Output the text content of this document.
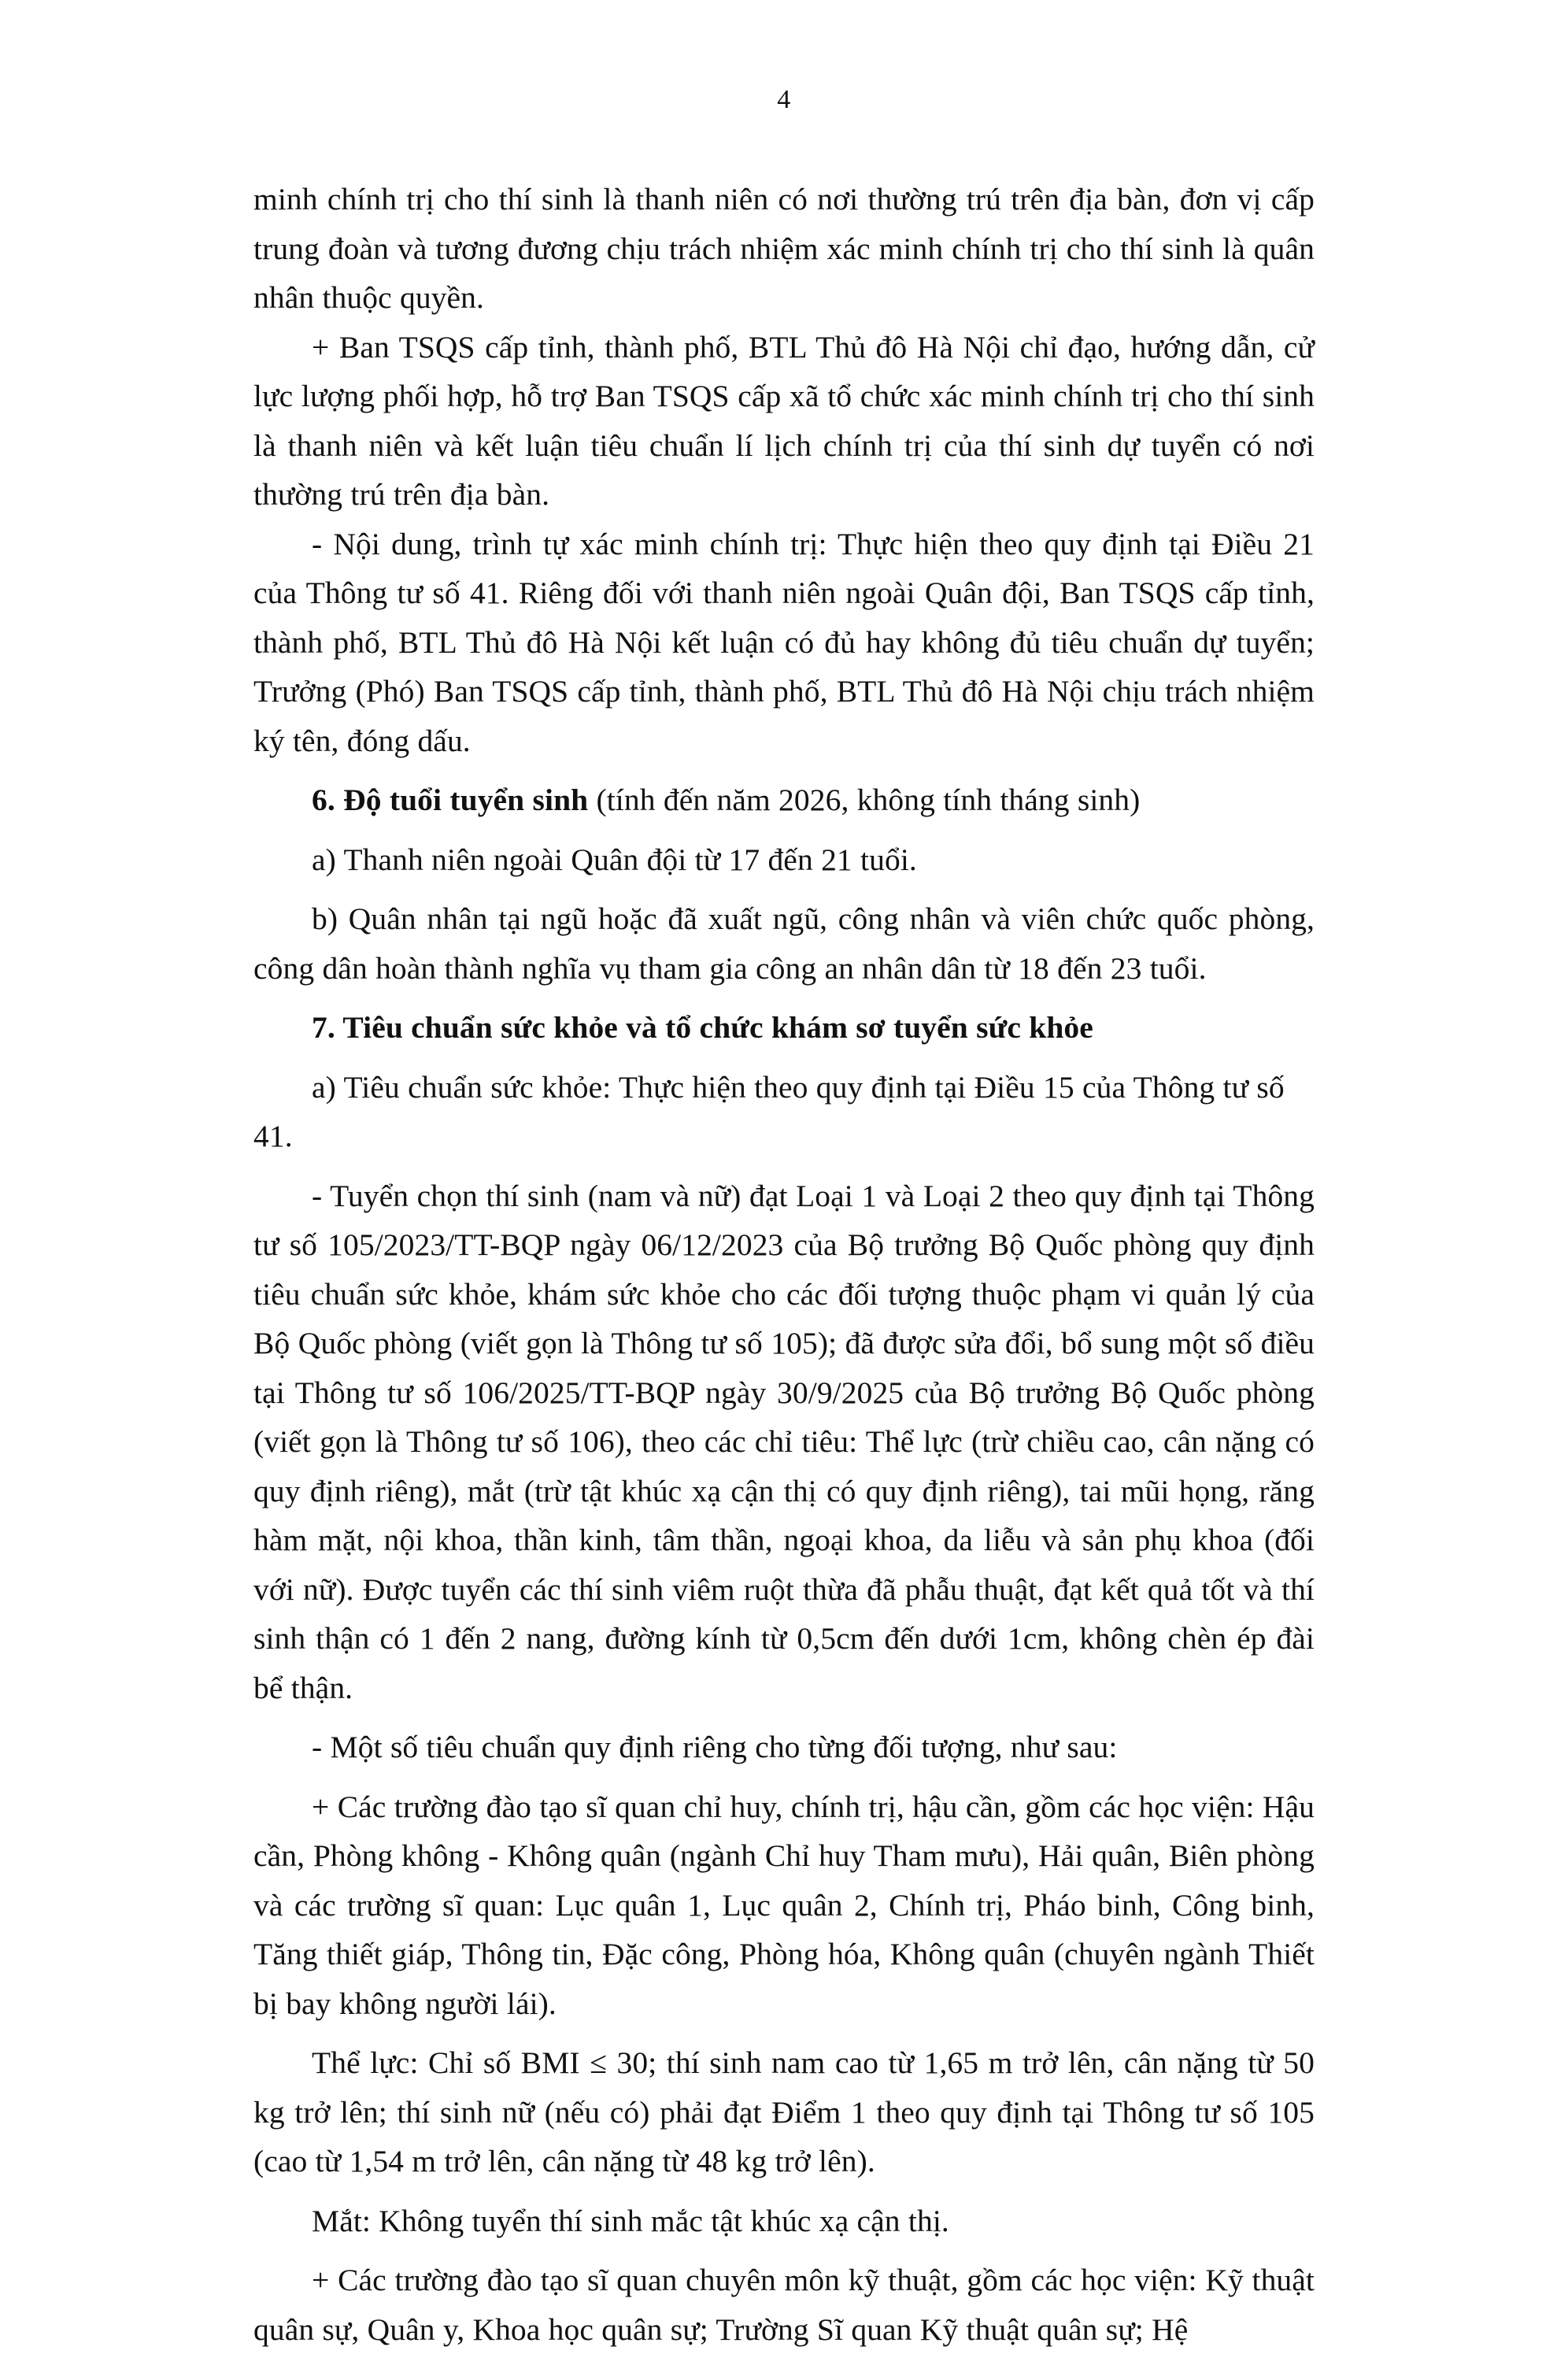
4

minh chính trị cho thí sinh là thanh niên có nơi thường trú trên địa bàn, đơn vị cấp trung đoàn và tương đương chịu trách nhiệm xác minh chính trị cho thí sinh là quân nhân thuộc quyền.

+ Ban TSQS cấp tỉnh, thành phố, BTL Thủ đô Hà Nội chỉ đạo, hướng dẫn, cử lực lượng phối hợp, hỗ trợ Ban TSQS cấp xã tổ chức xác minh chính trị cho thí sinh là thanh niên và kết luận tiêu chuẩn lí lịch chính trị của thí sinh dự tuyển có nơi thường trú trên địa bàn.

- Nội dung, trình tự xác minh chính trị: Thực hiện theo quy định tại Điều 21 của Thông tư số 41. Riêng đối với thanh niên ngoài Quân đội, Ban TSQS cấp tỉnh, thành phố, BTL Thủ đô Hà Nội kết luận có đủ hay không đủ tiêu chuẩn dự tuyển; Trưởng (Phó) Ban TSQS cấp tỉnh, thành phố, BTL Thủ đô Hà Nội chịu trách nhiệm ký tên, đóng dấu.

6. Độ tuổi tuyển sinh (tính đến năm 2026, không tính tháng sinh)

a) Thanh niên ngoài Quân đội từ 17 đến 21 tuổi.

b) Quân nhân tại ngũ hoặc đã xuất ngũ, công nhân và viên chức quốc phòng, công dân hoàn thành nghĩa vụ tham gia công an nhân dân từ 18 đến 23 tuổi.

7. Tiêu chuẩn sức khỏe và tổ chức khám sơ tuyển sức khỏe

a) Tiêu chuẩn sức khỏe: Thực hiện theo quy định tại Điều 15 của Thông tư số 41.

- Tuyển chọn thí sinh (nam và nữ) đạt Loại 1 và Loại 2 theo quy định tại Thông tư số 105/2023/TT-BQP ngày 06/12/2023 của Bộ trưởng Bộ Quốc phòng quy định tiêu chuẩn sức khỏe, khám sức khỏe cho các đối tượng thuộc phạm vi quản lý của Bộ Quốc phòng (viết gọn là Thông tư số 105); đã được sửa đổi, bổ sung một số điều tại Thông tư số 106/2025/TT-BQP ngày 30/9/2025 của Bộ trưởng Bộ Quốc phòng (viết gọn là Thông tư số 106), theo các chỉ tiêu: Thể lực (trừ chiều cao, cân nặng có quy định riêng), mắt (trừ tật khúc xạ cận thị có quy định riêng), tai mũi họng, răng hàm mặt, nội khoa, thần kinh, tâm thần, ngoại khoa, da liễu và sản phụ khoa (đối với nữ). Được tuyển các thí sinh viêm ruột thừa đã phẫu thuật, đạt kết quả tốt và thí sinh thận có 1 đến 2 nang, đường kính từ 0,5cm đến dưới 1cm, không chèn ép đài bể thận.

- Một số tiêu chuẩn quy định riêng cho từng đối tượng, như sau:

+ Các trường đào tạo sĩ quan chỉ huy, chính trị, hậu cần, gồm các học viện: Hậu cần, Phòng không - Không quân (ngành Chỉ huy Tham mưu), Hải quân, Biên phòng và các trường sĩ quan: Lục quân 1, Lục quân 2, Chính trị, Pháo binh, Công binh, Tăng thiết giáp, Thông tin, Đặc công, Phòng hóa, Không quân (chuyên ngành Thiết bị bay không người lái).

Thể lực: Chỉ số BMI ≤ 30; thí sinh nam cao từ 1,65 m trở lên, cân nặng từ 50 kg trở lên; thí sinh nữ (nếu có) phải đạt Điểm 1 theo quy định tại Thông tư số 105 (cao từ 1,54 m trở lên, cân nặng từ 48 kg trở lên).

Mắt: Không tuyển thí sinh mắc tật khúc xạ cận thị.

+ Các trường đào tạo sĩ quan chuyên môn kỹ thuật, gồm các học viện: Kỹ thuật quân sự, Quân y, Khoa học quân sự; Trường Sĩ quan Kỹ thuật quân sự; Hệ
